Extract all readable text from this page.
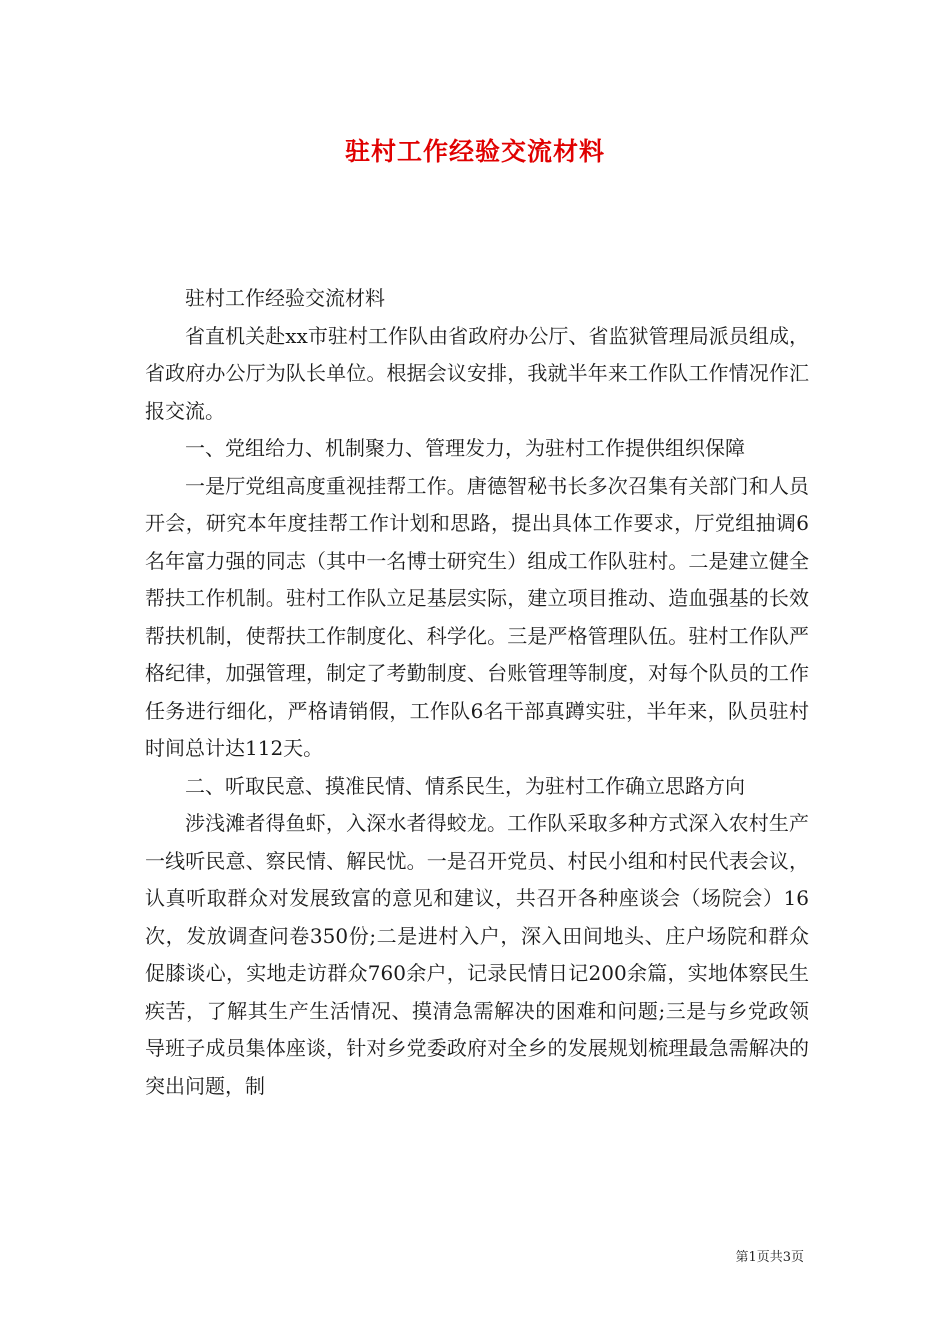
驻村工作经验交流材料

驻村工作经验交流材料

省直机关赴xx市驻村工作队由省政府办公厅、省监狱管理局派员组成，省政府办公厅为队长单位。根据会议安排，我就半年来工作队工作情况作汇报交流。

一、党组给力、机制聚力、管理发力，为驻村工作提供组织保障

一是厅党组高度重视挂帮工作。唐德智秘书长多次召集有关部门和人员开会，研究本年度挂帮工作计划和思路，提出具体工作要求，厅党组抽调6名年富力强的同志（其中一名博士研究生）组成工作队驻村。二是建立健全帮扶工作机制。驻村工作队立足基层实际，建立项目推动、造血强基的长效帮扶机制，使帮扶工作制度化、科学化。三是严格管理队伍。驻村工作队严格纪律，加强管理，制定了考勤制度、台账管理等制度，对每个队员的工作任务进行细化，严格请销假，工作队6名干部真蹲实驻，半年来，队员驻村时间总计达112天。

二、听取民意、摸准民情、情系民生，为驻村工作确立思路方向

涉浅滩者得鱼虾，入深水者得蛟龙。工作队采取多种方式深入农村生产一线听民意、察民情、解民忧。一是召开党员、村民小组和村民代表会议，认真听取群众对发展致富的意见和建议，共召开各种座谈会（场院会）16次，发放调查问卷350份;二是进村入户，深入田间地头、庄户场院和群众促膝谈心，实地走访群众760余户，记录民情日记200余篇，实地体察民生疾苦，了解其生产生活情况、摸清急需解决的困难和问题;三是与乡党政领导班子成员集体座谈，针对乡党委政府对全乡的发展规划梳理最急需解决的突出问题，制

第1页共3页
